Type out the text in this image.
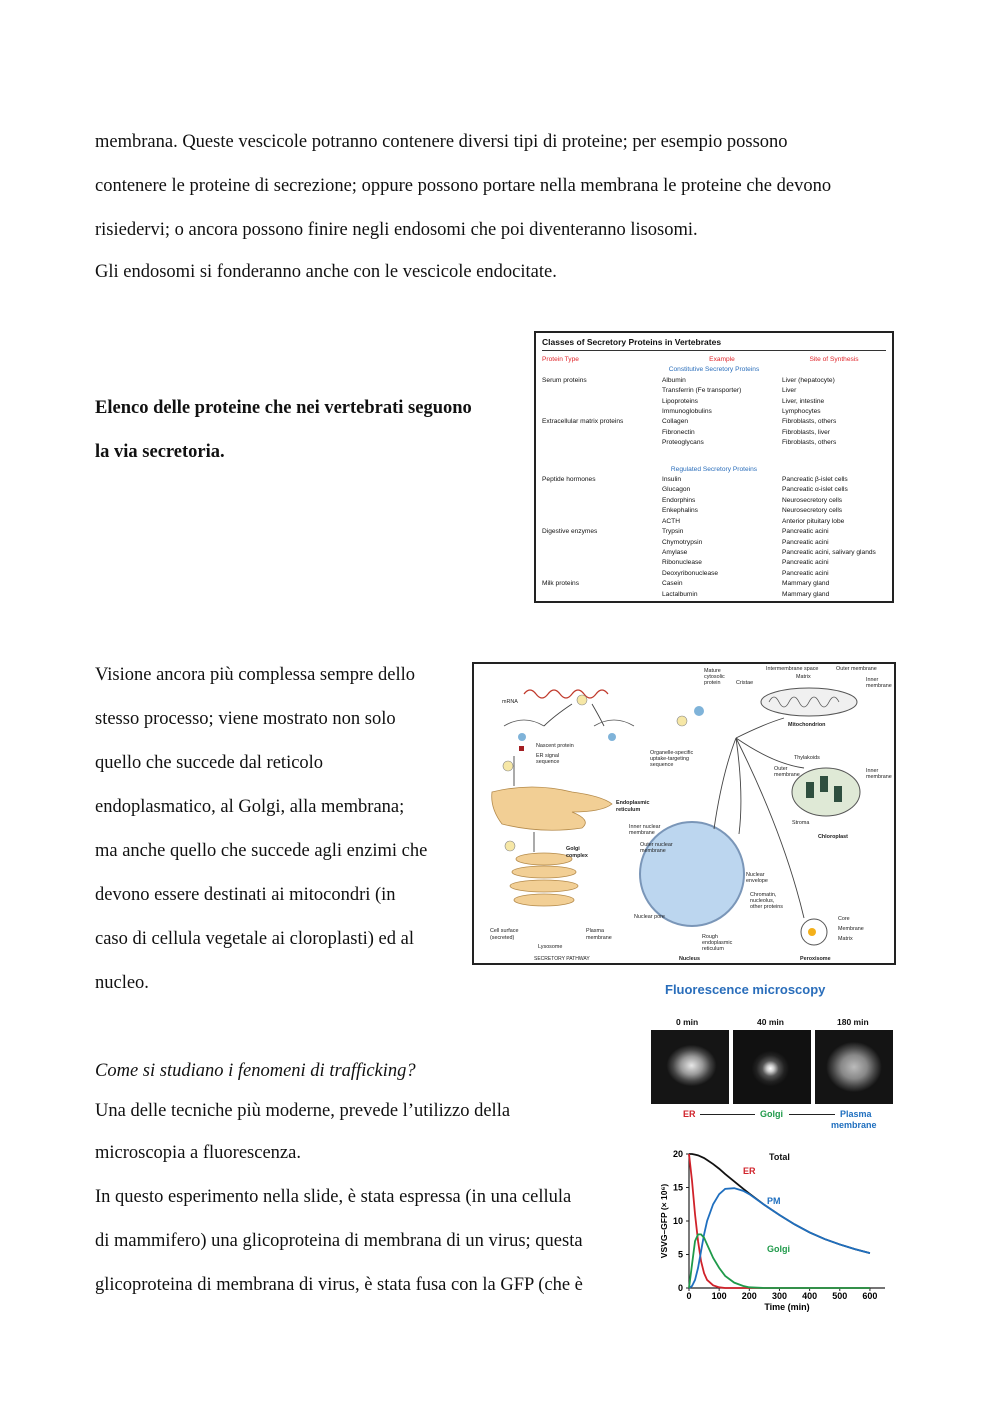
membrana. Queste vescicole potranno contenere diversi tipi di proteine; per esempio possono
contenere le proteine di secrezione; oppure possono portare nella membrana le proteine che devono
risiedervi; o ancora possono finire negli endosomi che poi diventeranno lisosomi.
Gli endosomi si fonderanno anche con le vescicole endocitate.
Elenco delle proteine che nei vertebrati seguono
la via secretoria.
Classes of Secretory Proteins in Vertebrates
Protein Type	Example	Site of Synthesis
Constitutive Secretory Proteins
Serum proteins	Albumin	Liver (hepatocyte)
Transferrin (Fe transporter)	Liver
Lipoproteins	Liver, intestine
Immunoglobulins	Lymphocytes
Extracellular matrix proteins	Collagen	Fibroblasts, others
Fibronectin	Fibroblasts, liver
Proteoglycans	Fibroblasts, others
Regulated Secretory Proteins
Peptide hormones	Insulin	Pancreatic β-islet cells
Glucagon	Pancreatic α-islet cells
Endorphins	Neurosecretory cells
Enkephalins	Neurosecretory cells
ACTH	Anterior pituitary lobe
Digestive enzymes	Trypsin	Pancreatic acini
Chymotrypsin	Pancreatic acini
Amylase	Pancreatic acini, salivary glands
Ribonuclease	Pancreatic acini
Deoxyribonuclease	Pancreatic acini
Milk proteins	Casein	Mammary gland
Lactalbumin	Mammary gland
Visione ancora più complessa sempre dello
stesso processo; viene mostrato non solo
quello che succede dal reticolo
endoplasmatico, al Golgi, alla membrana;
ma anche quello che succede agli enzimi che
devono essere destinati ai mitocondri (in
caso di cellula vegetale ai cloroplasti) ed al
nucleo.
mRNA
Nascent protein
ER signal
sequence
Endoplasmic
reticulum
Golgi
complex
Cell surface
(secreted)
Lysosome
Plasma
membrane
SECRETORY PATHWAY
Mature
cytosolic
protein
Organelle-specific
uptake-targeting
sequence
Inner nuclear
membrane
Outer nuclear
membrane
Nuclear
envelope
Chromatin,
nucleolus,
other proteins
Nuclear pore
Rough
endoplasmic
reticulum
Nucleus
Intermembrane space	Outer membrane
Cristae
Matrix	Inner
membrane
Mitochondrion
Thylakoids
Outer
membrane
Inner
membrane
Stroma
Chloroplast
Core
Membrane
Matrix
Peroxisome
Fluorescence microscopy
0 min	40 min	180 min
ER	Golgi	Plasma
membrane
0 100 200 300 400 500 600
0
5
10
15
20
Time (min)
VSVG–GFP (× 10⁶)
Total
ER
PM
Golgi
Come si studiano i fenomeni di trafficking?
Una delle tecniche più moderne, prevede l’utilizzo della
microscopia a fluorescenza.
In questo esperimento nella slide, è stata espressa (in una cellula
di mammifero) una glicoproteina di membrana di un virus; questa
glicoproteina di membrana di virus, è stata fusa con la GFP (che è
